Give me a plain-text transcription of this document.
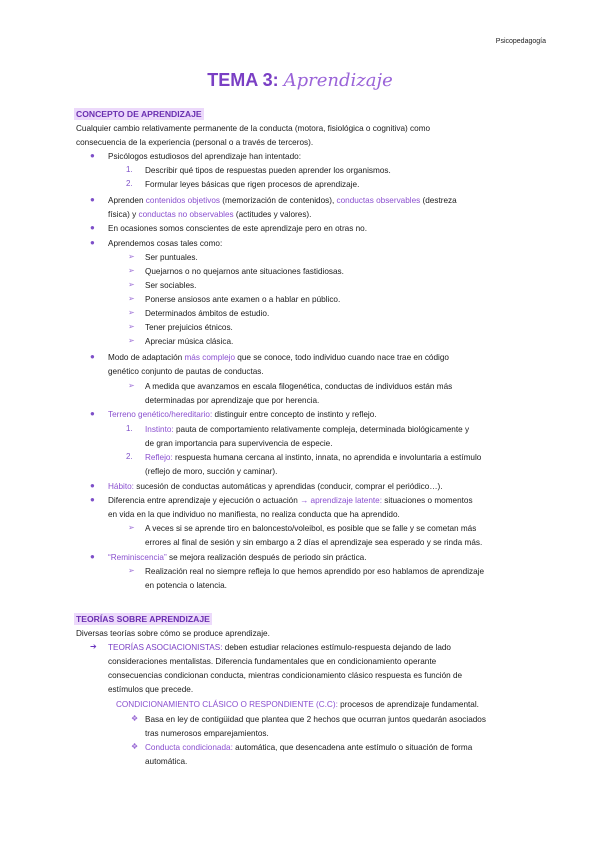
Psicopedagogía
TEMA 3: Aprendizaje
CONCEPTO DE APRENDIZAJE
Cualquier cambio relativamente permanente de la conducta (motora, fisiológica o cognitiva) como
consecuencia de la experiencia (personal o a través de terceros).
● Psicólogos estudiosos del aprendizaje han intentado:
1. Describir qué tipos de respuestas pueden aprender los organismos.
2. Formular leyes básicas que rigen procesos de aprendizaje.
● Aprenden contenidos objetivos (memorización de contenidos), conductas observables (destreza
física) y conductas no observables (actitudes y valores).
● En ocasiones somos conscientes de este aprendizaje pero en otras no.
● Aprendemos cosas tales como:
➢ Ser puntuales.
➢ Quejarnos o no quejarnos ante situaciones fastidiosas.
➢ Ser sociables.
➢ Ponerse ansiosos ante examen o a hablar en público.
➢ Determinados ámbitos de estudio.
➢ Tener prejuicios étnicos.
➢ Apreciar música clásica.
● Modo de adaptación más complejo que se conoce, todo individuo cuando nace trae en código
genético conjunto de pautas de conductas.
➢ A medida que avanzamos en escala filogenética, conductas de individuos están más
determinadas por aprendizaje que por herencia.
● Terreno genético/hereditario: distinguir entre concepto de instinto y reflejo.
1. Instinto: pauta de comportamiento relativamente compleja, determinada biológicamente y
de gran importancia para supervivencia de especie.
2. Reflejo: respuesta humana cercana al instinto, innata, no aprendida e involuntaria a estímulo
(reflejo de moro, succión y caminar).
● Hábito: sucesión de conductas automáticas y aprendidas (conducir, comprar el periódico…).
● Diferencia entre aprendizaje y ejecución o actuación → aprendizaje latente: situaciones o momentos
en vida en la que individuo no manifiesta, no realiza conducta que ha aprendido.
➢ A veces si se aprende tiro en baloncesto/voleibol, es posible que se falle y se cometan más
errores al final de sesión y sin embargo a 2 días el aprendizaje sea esperado y se rinda más.
● “Reminiscencia” se mejora realización después de periodo sin práctica.
➢ Realización real no siempre refleja lo que hemos aprendido por eso hablamos de aprendizaje
en potencia o latencia.
TEORÍAS SOBRE APRENDIZAJE
Diversas teorías sobre cómo se produce aprendizaje.
➔ TEORÍAS ASOCIACIONISTAS: deben estudiar relaciones estímulo-respuesta dejando de lado
consideraciones mentalistas. Diferencia fundamentales que en condicionamiento operante
consecuencias condicionan conducta, mientras condicionamiento clásico respuesta es función de
estímulos que precede.
CONDICIONAMIENTO CLÁSICO O RESPONDIENTE (C.C): procesos de aprendizaje fundamental.
❖ Basa en ley de contigüidad que plantea que 2 hechos que ocurran juntos quedarán asociados
tras numerosos emparejamientos.
❖ Conducta condicionada: automática, que desencadena ante estímulo o situación de forma
automática.
